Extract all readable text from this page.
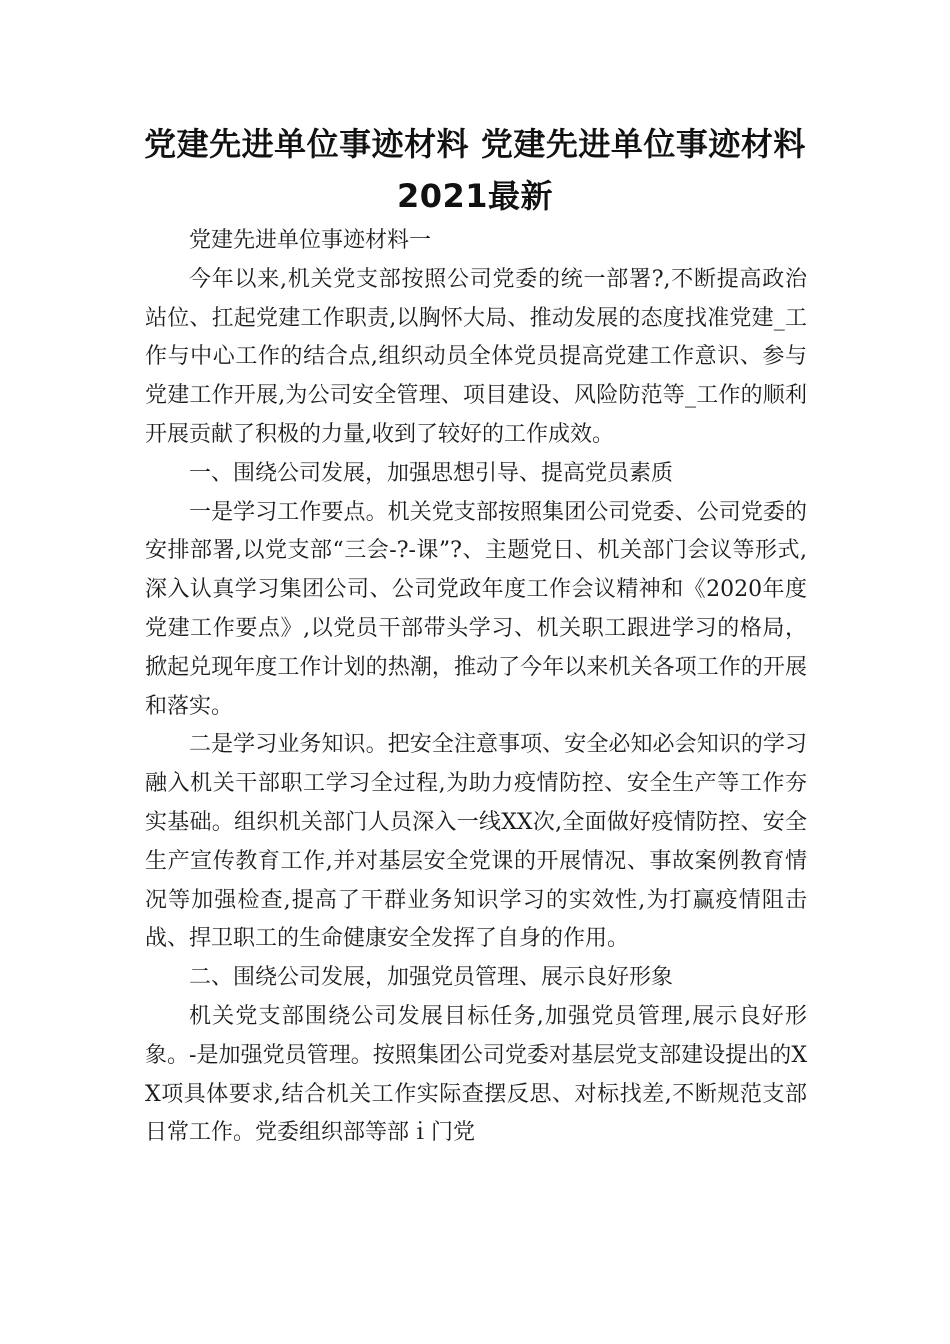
党建先进单位事迹材料 党建先进单位事迹材料2021最新

党建先进单位事迹材料一

今年以来,机关党支部按照公司党委的统一部署?,不断提高政治站位、扛起党建工作职责,以胸怀大局、推动发展的态度找准党建_工作与中心工作的结合点,组织动员全体党员提高党建工作意识、参与党建工作开展,为公司安全管理、项目建设、风险防范等_工作的顺利开展贡献了积极的力量,收到了较好的工作成效。

一、围绕公司发展，加强思想引导、提高党员素质

一是学习工作要点。机关党支部按照集团公司党委、公司党委的安排部署,以党支部“三会-?-课”?、主题党日、机关部门会议等形式,深入认真学习集团公司、公司党政年度工作会议精神和《2020年度党建工作要点》,以党员干部带头学习、机关职工跟进学习的格局，掀起兑现年度工作计划的热潮，推动了今年以来机关各项工作的开展和落实。

二是学习业务知识。把安全注意事项、安全必知必会知识的学习融入机关干部职工学习全过程,为助力疫情防控、安全生产等工作夯实基础。组织机关部门人员深入一线XX次,全面做好疫情防控、安全生产宣传教育工作,并对基层安全党课的开展情况、事故案例教育情况等加强检查,提高了干群业务知识学习的实效性,为打赢疫情阻击战、捍卫职工的生命健康安全发挥了自身的作用。

二、围绕公司发展，加强党员管理、展示良好形象

机关党支部围绕公司发展目标任务,加强党员管理,展示良好形象。-是加强党员管理。按照集团公司党委对基层党支部建设提出的XX项具体要求,结合机关工作实际查摆反思、对标找差,不断规范支部日常工作。党委组织部等部ｉ门党
